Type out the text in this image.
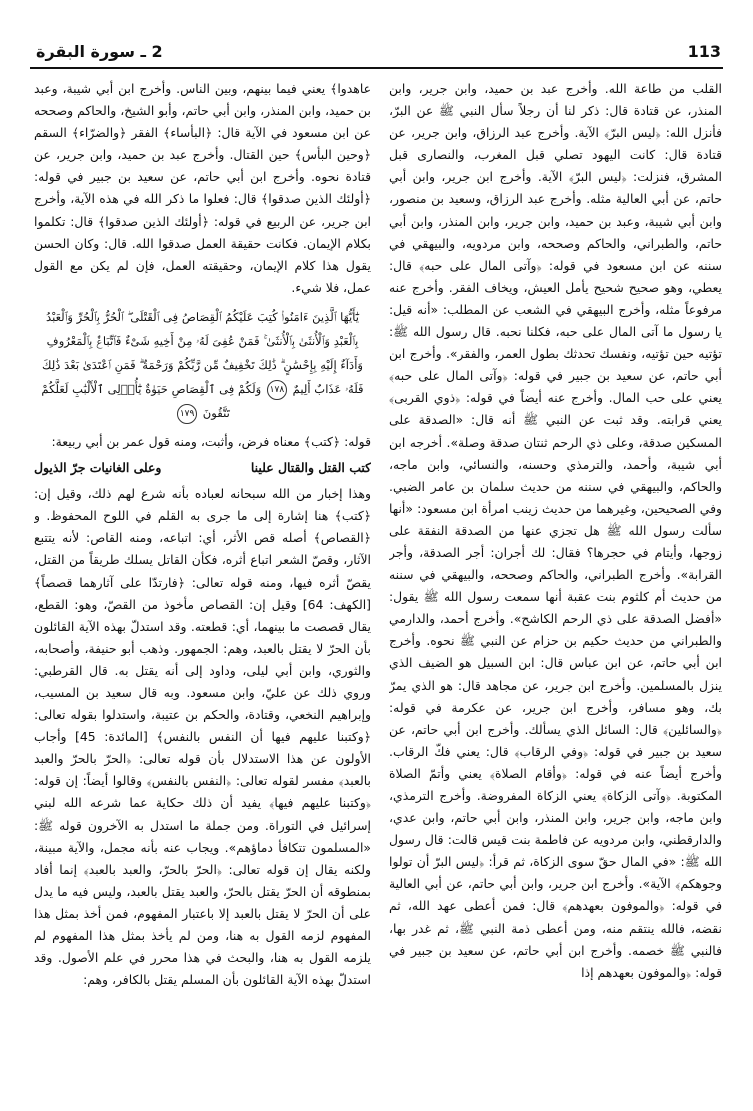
2 ـ سورة البقرة	113

القلب من طاعة الله. وأخرج عبد بن حميد، وابن جرير، وابن المنذر، عن قتادة قال: ذكر لنا أن رجلاً سأل النبي ﷺ عن البرّ، فأنزل الله: ﴿ليس البرّ﴾ الآية. وأخرج عبد الرزاق، وابن جرير، عن قتادة قال: كانت اليهود تصلي قبل المغرب، والنصارى قبل المشرق، فنزلت: ﴿ليس البرّ﴾ الآية. وأخرج ابن جرير، وابن أبي حاتم، عن أبي العالية مثله. وأخرج عبد الرزاق، وسعيد بن منصور، وابن أبي شيبة، وعبد بن حميد، وابن جرير، وابن المنذر، وابن أبي حاتم، والطبراني، والحاكم وصححه، وابن مردويه، والبيهقي في سننه عن ابن مسعود في قوله: ﴿وآتى المال على حبه﴾ قال: يعطي، وهو صحيح شحيح يأمل العيش، ويخاف الفقر. وأخرج عنه مرفوعاً مثله، وأخرج البيهقي في الشعب عن المطلب: «أنه قيل: يا رسول ما آتى المال على حبه، فكلنا نحبه. قال رسول الله ﷺ: تؤتيه حين تؤتيه، ونفسك تحدثك بطول العمر، والفقر». وأخرج ابن أبي حاتم، عن سعيد بن جبير في قوله: ﴿وآتى المال على حبه﴾ يعني على حب المال. وأخرج عنه أيضاً في قوله: ﴿ذوي القربى﴾ يعني قرابته. وقد ثبت عن النبي ﷺ أنه قال: «الصدقة على المسكين صدقة، وعلى ذي الرحم ثنتان صدقة وصلة». أخرجه ابن أبي شيبة، وأحمد، والترمذي وحسنه، والنسائي، وابن ماجه، والحاكم، والبيهقي في سننه من حديث سلمان بن عامر الضبي. وفي الصحيحين، وغيرهما من حديث زينب امرأة ابن مسعود: «أنها سألت رسول الله ﷺ هل تجزي عنها من الصدقة النفقة على زوجها، وأيتام في حجرها؟ فقال: لك أجران: أجر الصدقة، وأجر القرابة». وأخرج الطبراني، والحاكم وصححه، والبيهقي في سننه من حديث أم كلثوم بنت عقبة أنها سمعت رسول الله ﷺ يقول: «أفضل الصدقة على ذي الرحم الكاشح». وأخرج أحمد، والدارمي والطبراني من حديث حكيم بن حزام عن النبي ﷺ نحوه. وأخرج ابن أبي حاتم، عن ابن عباس قال: ابن السبيل هو الضيف الذي ينزل بالمسلمين. وأخرج ابن جرير، عن مجاهد قال: هو الذي يمرّ بك، وهو مسافر، وأخرج ابن جرير، عن عكرمة في قوله: ﴿والسائلين﴾ قال: السائل الذي يسألك. وأخرج ابن أبي حاتم، عن سعيد بن جبير في قوله: ﴿وفي الرقاب﴾ قال: يعني فكّ الرقاب. وأخرج أيضاً عنه في قوله: ﴿وأقام الصلاة﴾ يعني وأتمّ الصلاة المكتوبة. ﴿وآتى الزكاة﴾ يعني الزكاة المفروضة. وأخرج الترمذي، وابن ماجه، وابن جرير، وابن المنذر، وابن أبي حاتم، وابن عدي، والدارقطني، وابن مردويه عن فاطمة بنت قيس قالت: قال رسول الله ﷺ: «في المال حقّ سوى الزكاة، ثم قرأ: ﴿ليس البرّ أن تولوا وجوهكم﴾ الآية». وأخرج ابن جرير، وابن أبي حاتم، عن أبي العالية في قوله: ﴿والموفون بعهدهم﴾ قال: فمن أعطى عهد الله، ثم نقضه، فالله ينتقم منه، ومن أعطى ذمة النبي ﷺ، ثم غدر بها، فالنبي ﷺ خصمه. وأخرج ابن أبي حاتم، عن سعيد بن جبير في قوله: ﴿والموفون بعهدهم إذا

عاهدوا﴾ يعني فيما بينهم، وبين الناس. وأخرج ابن أبي شيبة، وعبد بن حميد، وابن المنذر، وابن أبي حاتم، وأبو الشيخ، والحاكم وصححه عن ابن مسعود في الآية قال: ﴿البأساء﴾ الفقر ﴿والضرّاء﴾ السقم ﴿وحين البأس﴾ حين القتال. وأخرج عبد بن حميد، وابن جرير، عن قتادة نحوه. وأخرج ابن أبي حاتم، عن سعيد بن جبير في قوله: ﴿أولئك الذين صدقوا﴾ قال: فعلوا ما ذكر الله في هذه الآية، وأخرج ابن جرير، عن الربيع في قوله: ﴿أولئك الذين صدقوا﴾ قال: تكلموا بكلام الإيمان. فكانت حقيقة العمل صدقوا الله. قال: وكان الحسن يقول هذا كلام الإيمان، وحقيقته العمل، فإن لم يكن مع القول عمل، فلا شيء.

يَٰٓأَيُّهَا ٱلَّذِينَ ءَامَنُوا۟ كُتِبَ عَلَيْكُمُ ٱلْقِصَاصُ فِى ٱلْقَتْلَى ۖ ٱلْحُرُّ بِٱلْحُرِّ وَٱلْعَبْدُ بِٱلْعَبْدِ وَٱلْأُنثَىٰ بِٱلْأُنثَىٰ ۚ فَمَنْ عُفِىَ لَهُۥ مِنْ أَخِيهِ شَىْءٌ فَٱتِّبَاعٌۢ بِٱلْمَعْرُوفِ وَأَدَآءٌ إِلَيْهِ بِإِحْسَٰنٍ ۗ ذَٰلِكَ تَخْفِيفٌ مِّن رَّبِّكُمْ وَرَحْمَةٌ ۗ فَمَنِ ٱعْتَدَىٰ بَعْدَ ذَٰلِكَ فَلَهُۥ عَذَابٌ أَلِيمٌ ١٧٨ وَلَكُمْ فِى ٱلْقِصَاصِ حَيَوٰةٌ يَٰٓأُو۟لِى ٱلْأَلْبَٰبِ لَعَلَّكُمْ تَتَّقُونَ ١٧٩

قوله: ﴿كتب﴾ معناه فرض، وأثبت، ومنه قول عمر بن أبي ربيعة:

كتب القتل والقتال علينا
وعلى الغانيات جرّ الذيول

وهذا إخبار من الله سبحانه لعباده بأنه شرع لهم ذلك، وقيل إن: ﴿كتب﴾ هنا إشارة إلى ما جرى به القلم في اللوح المحفوظ. و ﴿القصاص﴾ أصله قص الأثر، أي: اتباعه، ومنه القاص: لأنه يتتبع الآثار، وقصّ الشعر اتباع أثره، فكأن القاتل يسلك طريقاً من القتل، يقصّ أثره فيها، ومنه قوله تعالى: ﴿فارتدّا على آثارهما قصصاً﴾ [الكهف: 64] وقيل إن: القصاص مأخوذ من القصّ، وهو: القطع، يقال قصصت ما بينهما، أي: قطعته. وقد استدلّ بهذه الآية القائلون بأن الحرّ لا يقتل بالعبد، وهم: الجمهور. وذهب أبو حنيفة، وأصحابه، والثوري، وابن أبي ليلى، وداود إلى أنه يقتل به. قال القرطبي: وروي ذلك عن عليّ، وابن مسعود. وبه قال سعيد بن المسيب، وإبراهيم النخعي، وقتادة، والحكم بن عتيبة، واستدلوا بقوله تعالى: ﴿وكتبنا عليهم فيها أن النفس بالنفس﴾ [المائدة: 45] وأجاب الأولون عن هذا الاستدلال بأن قوله تعالى: ﴿الحرّ بالحرّ والعبد بالعبد﴾ مفسر لقوله تعالى: ﴿النفس بالنفس﴾ وقالوا أيضاً: إن قوله: ﴿وكتبنا عليهم فيها﴾ يفيد أن ذلك حكاية عما شرعه الله لبني إسرائيل في التوراة. ومن جملة ما استدل به الآخرون قوله ﷺ: «المسلمون تتكافأ دماؤهم». ويجاب عنه بأنه مجمل، والآية مبينة، ولكنه يقال إن قوله تعالى: ﴿الحرّ بالحرّ، والعبد بالعبد﴾ إنما أفاد بمنطوقه أن الحرّ يقتل بالحرّ، والعبد يقتل بالعبد، وليس فيه ما يدل على أن الحرّ لا يقتل بالعبد إلا باعتبار المفهوم، فمن أخذ بمثل هذا المفهوم لزمه القول به هنا، ومن لم يأخذ بمثل هذا المفهوم لم يلزمه القول به هنا، والبحث في هذا محرر في علم الأصول. وقد استدلّ بهذه الآية القائلون بأن المسلم يقتل بالكافر، وهم:
